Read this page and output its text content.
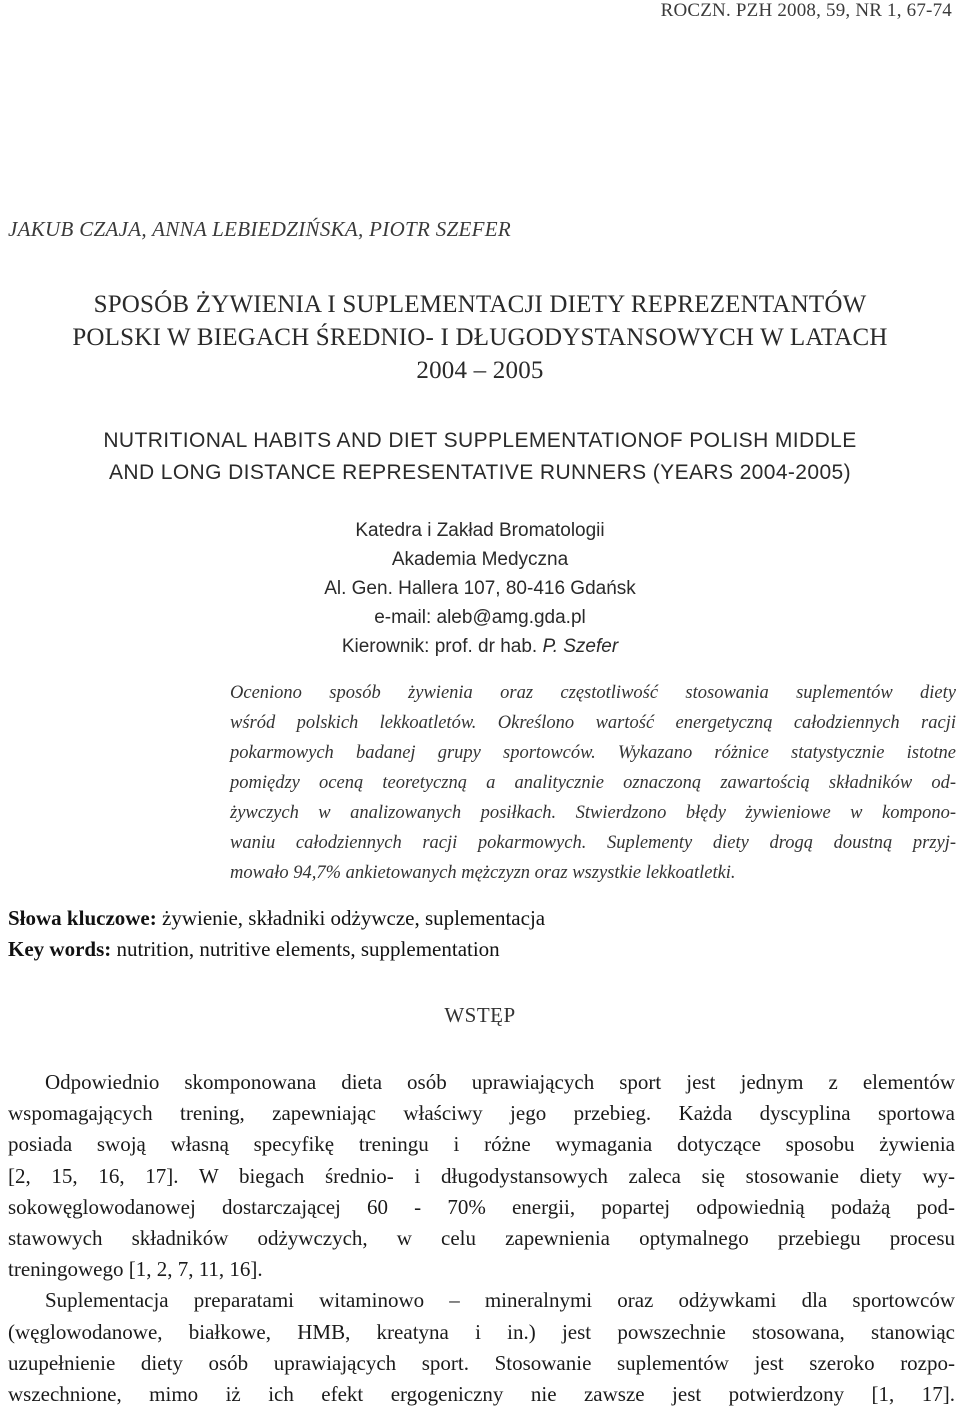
ROCZN. PZH 2008, 59, NR 1, 67-74
JAKUB CZAJA, ANNA LEBIEDZIŃSKA, PIOTR SZEFER
SPOSÓB ŻYWIENIA I SUPLEMENTACJI DIETY REPREZENTANTÓW
POLSKI W BIEGACH ŚREDNIO- I DŁUGODYSTANSOWYCH W LATACH
2004 – 2005
NUTRITIONAL HABITS AND DIET SUPPLEMENTATIONOF POLISH MIDDLE
AND LONG DISTANCE REPRESENTATIVE RUNNERS (YEARS 2004-2005)
Katedra i Zakład Bromatologii
Akademia Medyczna
Al. Gen. Hallera 107, 80-416 Gdańsk
e-mail: aleb@amg.gda.pl
Kierownik: prof. dr hab. P. Szefer
Oceniono sposób żywienia oraz częstotliwość stosowania suplementów diety
wśród polskich lekkoatletów. Określono wartość energetyczną całodziennych racji
pokarmowych badanej grupy sportowców. Wykazano różnice statystycznie istotne
pomiędzy oceną teoretyczną a analitycznie oznaczoną zawartością składników od-
żywczych w analizowanych posiłkach. Stwierdzono błędy żywieniowe w kompono-
waniu całodziennych racji pokarmowych. Suplementy diety drogą doustną przyj-
mowało 94,7% ankietowanych mężczyzn oraz wszystkie lekkoatletki.
Słowa kluczowe: żywienie, składniki odżywcze, suplementacja
Key words: nutrition, nutritive elements, supplementation
WSTĘP
Odpowiednio skomponowana dieta osób uprawiających sport jest jednym z elementów
wspomagających trening, zapewniając właściwy jego przebieg. Każda dyscyplina sportowa
posiada swoją własną specyfikę treningu i różne wymagania dotyczące sposobu żywienia
[2, 15, 16, 17]. W biegach średnio- i długodystansowych zaleca się stosowanie diety wy-
sokowęglowodanowej dostarczającej 60 - 70% energii, popartej odpowiednią podażą pod-
stawowych składników odżywczych, w celu zapewnienia optymalnego przebiegu procesu
treningowego [1, 2, 7, 11, 16].
Suplementacja preparatami witaminowo – mineralnymi oraz odżywkami dla sportowców
(węglowodanowe, białkowe, HMB, kreatyna i in.) jest powszechnie stosowana, stanowiąc
uzupełnienie diety osób uprawiających sport. Stosowanie suplementów jest szeroko rozpo-
wszechnione, mimo iż ich efekt ergogeniczny nie zawsze jest potwierdzony [1, 17].
